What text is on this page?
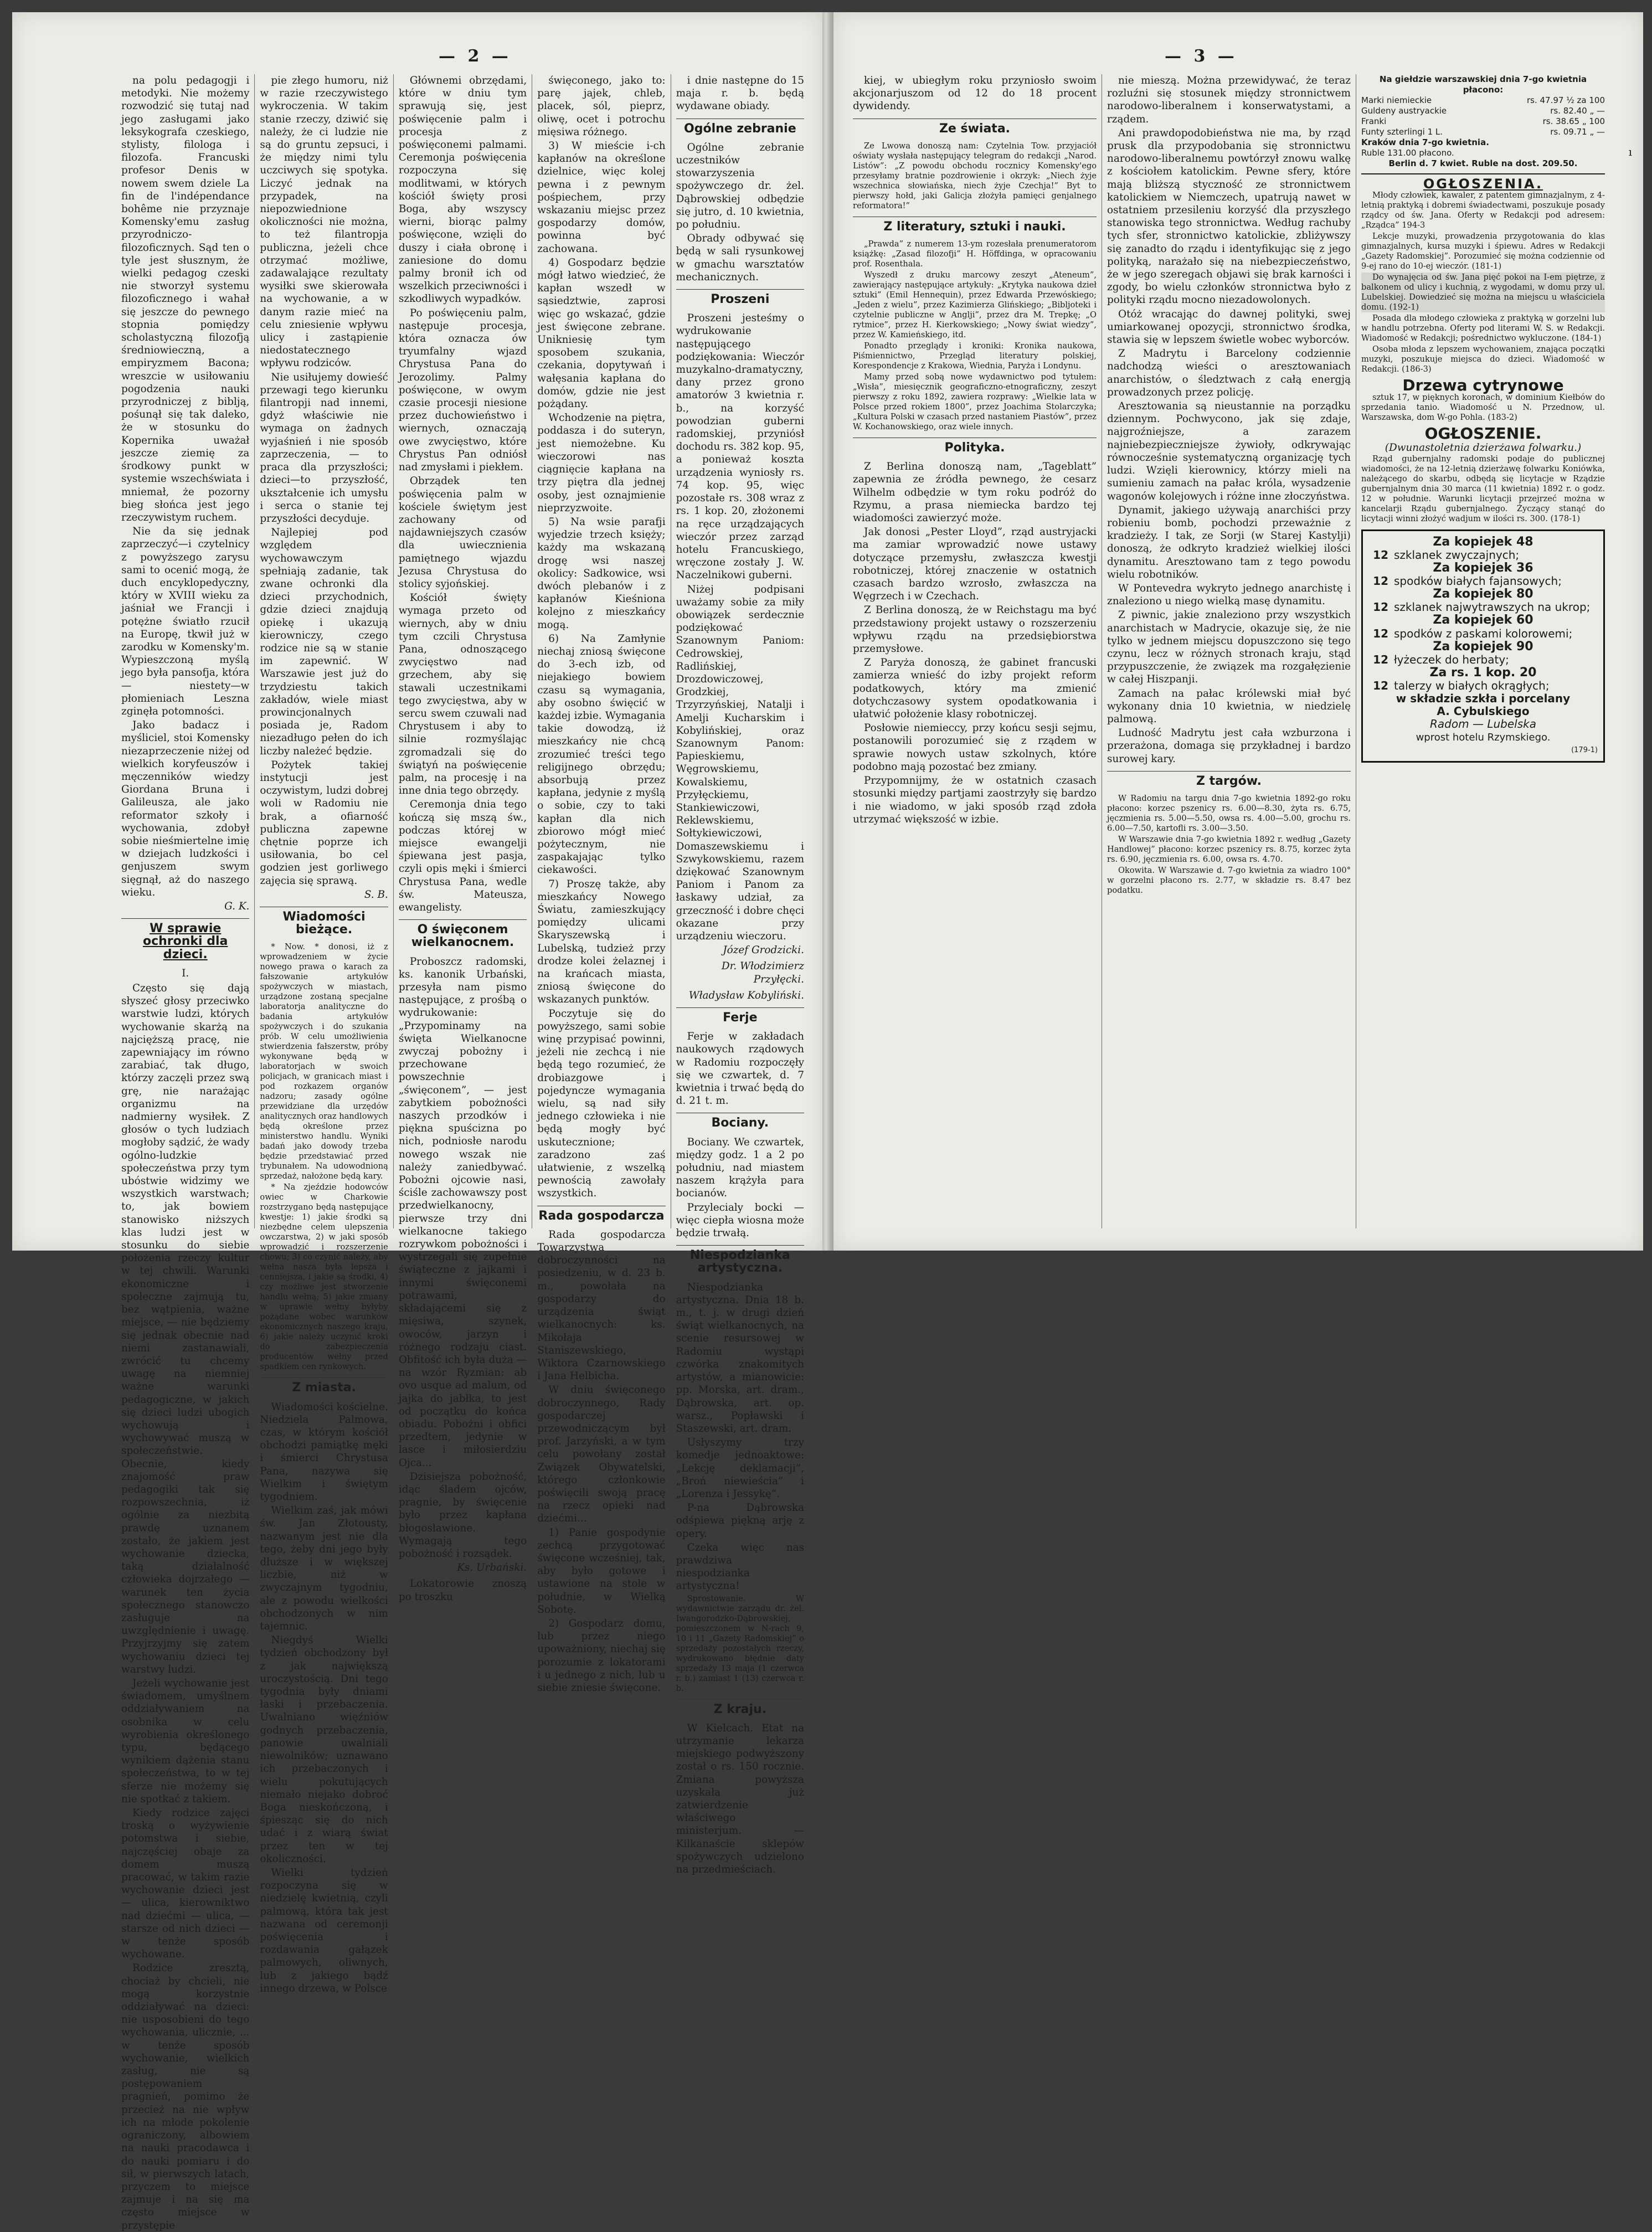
— 2 —

na polu pedagogji i metodyki. Nie możemy rozwodzić się tutaj nad jego zasługami jako leksykografa czeskiego, stylisty, filologa i filozofa. Francuski profesor Denis w nowem swem dziele La fin de l'indépendance bohême nie przyznaje Komensky'emu zasług przyrodniczo-filozoficznych. Sąd ten o tyle jest słusznym, że wielki pedagog czeski nie stworzył systemu filozoficznego i wahał się jeszcze do pewnego stopnia pomiędzy scholastyczną filozofją średniowieczną, a empiryzmem Bacona; wreszcie w usiłowaniu pogodzenia nauki przyrodniczej z biblją, pośunął się tak daleko, że w stosunku do Kopernika uważał jeszcze ziemię za środkowy punkt w systemie wszechświata i mniemał, że pozorny bieg słońca jest jego rzeczywistym ruchem.

Nie da się jednak zaprzeczyć—i czytelnicy z powyższego zarysu sami to ocenić mogą, że duch encyklopedyczny, który w XVIII wieku za jaśniał we Francji i potężne światło rzucił na Europę, tkwił już w zarodku w Komensky'm. Wypieszczoną myślą jego była pansofja, która — niestety—w płomieniach Leszna zginęła potomności.

Jako badacz i myśliciel, stoi Komensky niezaprzeczenie niżej od wielkich koryfeuszów i męczenników wiedzy Giordana Bruna i Galileusza, ale jako reformator szkoły i wychowania, zdobył sobie nieśmiertelne imię w dziejach ludzkości i genjuszem swym sięgnął, aż do naszego wieku.

G. K.
W sprawie ochronki dla dzieci.
I.

Często się dają słyszeć głosy przeciwko warstwie ludzi, których wychowanie skarżą na najcięższą pracę, nie zapewniający im równo zarabiać, tak długo, którzy zaczęli przez swą grę, nie narażając organizmu na nadmierny wysiłek. Z głosów o tych ludziach mogłoby sądzić, że wady ogólno-ludzkie społeczeństwa przy tym ubóstwie widzimy we wszystkich warstwach; to, jak bowiem stanowisko niższych klas ludzi jest w stosunku do siebie położenia rzeczy kultur w tej chwili. Warunki ekonomiczne i społeczne zajmują tu, bez wątpienia, ważne miejsce, — nie będziemy się jednak obecnie nad niemi zastanawiali, zwrócić tu chcemy uwagę na niemniej ważne warunki pedagogiczne, w jakich się dzieci ludzi ubogich wychowują i wychowywać muszą w społeczeństwie. Obecnie, kiedy znajomość praw pedagogiki tak się rozpowszechnia, iż ogólnie za niezbitą prawdę uznanem zostało, że jakiem jest wychowanie dziecka, taką działalność człowieka dojrzałego — warunek ten życia społecznego stanowczo zasługuje na uwzględnienie i uwagę. Przyjrzyjmy się zatem wychowaniu dzieci tej warstwy ludzi.

Jeżeli wychowanie jest świadomem, umyślnem oddziaływaniem na osobnika w celu wyrobienia określonego typu, będącego wynikiem dążenia stanu społeczeństwa, to w tej sferze nie możemy się nie spotkać z takiem.

Kiedy rodzice zajęci troską o wyżywienie potomstwa i siebie, najczęściej obaje za domem muszą pracować, w takim razie wychowanie dzieci jest — ulica, kierowniktwo nad dziećmi — ulica, — starsze od nich dzieci — w tenże sposób wychowane.

Rodzice zresztą, chociaż by chcieli, nie mogą korzystnie oddziaływać na dzieci: nie usposobieni do tego wychowania, ulicznie, ... w tenże sposób wychowanie, wielkich zasług, nie są postępowaniem pragnień, pomimo że przecież na nie wpływ ich na młode pokolenie ograniczony, albowiem na nauki pracodawca i do nauki pomiaru i do sił, w pierwszych latach, przyczem to miejsce zajmuje i na się ma często miejsce w przystępie

pie złego humoru, niż w razie rzeczywistego wykroczenia. W takim stanie rzeczy, dziwić się należy, że ci ludzie nie są do gruntu zepsuci, i że między nimi tylu uczciwych się spotyka. Liczyć jednak na przypadek, na niepozwiednione okoliczności nie można, to też filantropja publiczna, jeżeli chce otrzymać możliwe, zadawalające rezultaty wysiłki swe skierowała na wychowanie, a w danym razie mieć na celu zniesienie wpływu ulicy i zastąpienie niedostatecznego wpływu rodziców.

Nie usiłujemy dowieść przewagi tego kierunku filantropji nad innemi, gdyż właściwie nie wymaga on żadnych wyjaśnień i nie sposób zaprzeczenia, — to praca dla przyszłości; dzieci—to przyszłość, ukształcenie ich umysłu i serca o stanie tej przyszłości decyduje.

Najlepiej pod względem wychowawczym spełniają zadanie, tak zwane ochronki dla dzieci przychodnich, gdzie dzieci znajdują opiekę i ukazują kierowniczy, czego rodzice nie są w stanie im zapewnić. W Warszawie jest już do trzydziestu takich zakładów, wiele miast prowincjonalnych posiada je, Radom niezadługo pełen do ich liczby należeć będzie.

Pożytek takiej instytucji jest oczywistym, ludzi dobrej woli w Radomiu nie brak, a ofiarność publiczna zapewne chętnie poprze ich usiłowania, bo cel godzien jest gorliwego zajęcia się sprawą.

S. B.
Wiadomości bieżące.

* Now. * donosi, iż z wprowadzeniem w życie nowego prawa o karach za fałszowanie artykułów spożywczych w miastach, urządzone zostaną specjalne laboratorja analityczne do badania artykułów spożywczych i do szukania prób. W celu umożliwienia stwierdzenia fałszerstw, próby wykonywane będą w laboratorjach w swoich policjach, w granicach miast i pod rozkazem organów nadzoru; zasady ogólne przewidziane dla urzędów analitycznych oraz handlowych będą określone przez ministerstwo handlu. Wyniki badań jako dowody trzeba będzie przedstawiać przed trybunałem. Na udowodnioną sprzedaż, nałożone będą kary.

* Na zjeździe hodowców owiec w Charkowie rozstrzygano będą następujące kwestje: 1) jakie środki są niezbędne celem ulepszenia owczarstwa, 2) w jaki sposób wprowadzić i rozszerzenie chowu; 3) co czynić należy, aby wełna nasza była lepsza i cenniejsza, i jakie są środki, 4) czy możliwe jest stworzenie handlu wełną; 5) jakie zmiany w uprawie wełny byłyby pożądane wobec warunków ekonomicznych naszego kraju, 6) jakie należy uczynić kroki do zabezpieczenia producentów wełny przed spadkiem cen rynkowych.

Z miasta.

Wiadomości kościelne. Niedziela Palmowa, czas, w którym kościół obchodzi pamiątkę męki i śmierci Chrystusa Pana, nazywa się Wielkim i świętym tygodniem.

Wielkim zaś, jak mówi św. Jan Złotousty, nazwanym jest nie dla tego, żeby dni jego były dłuższe i w większej liczbie, niż w zwyczajnym tygodniu, ale z powodu wielkości obchodzonych w nim tajemnic.

Niegdyś Wielki tydzień obchodzony był z jak największą uroczystością. Dni tego tygodnia były dniami łaski i przebaczenia. Uwalniano więźniów godnych przebaczenia, panowie uwalniali niewolników; uznawano ich przebaczonych i wielu pokutujących niemało niejako dobroć Boga nieskończoną, i śpiesząc się do nich udać i z wiarą świat przez ten w tej okoliczności.

Wielki tydzień rozpoczyna się w niedzielę kwietnią, czyli palmową, która tak jest nazwana od ceremonji poświęcenia i rozdawania gałązek palmowych, oliwnych, lub z jakiego bądź innego drzewa, w Polsce

Głównemi obrzędami, które w dniu tym sprawują się, jest poświęcenie palm i procesja z poświęconemi palmami. Ceremonja poświęcenia rozpoczyna się modlitwami, w których kościół święty prosi Boga, aby wszyscy wierni, biorąc palmy poświęcone, wzięli do duszy i ciała obronę i zaniesione do domu palmy bronił ich od wszelkich przeciwności i szkodliwych wypadków.

Po poświęceniu palm, następuje procesja, która oznacza ów tryumfalny wjazd Chrystusa Pana do Jerozolimy. Palmy poświęcone, w owym czasie procesji niesione przez duchowieństwo i wiernych, oznaczają owe zwycięstwo, które Chrystus Pan odniósł nad zmysłami i piekłem.

Obrządek ten poświęcenia palm w kościele świętym jest zachowany od najdawniejszych czasów dla uwiecznienia pamiętnego wjazdu Jezusa Chrystusa do stolicy syjońskiej.

Kościół święty wymaga przeto od wiernych, aby w dniu tym czcili Chrystusa Pana, odnoszącego zwycięstwo nad grzechem, aby się stawali uczestnikami tego zwycięstwa, aby w sercu swem czuwali nad Chrystusem i aby to silnie rozmyślając zgromadzali się do świątyń na poświęcenie palm, na procesję i na inne dnia tego obrzędy.

Ceremonja dnia tego kończą się mszą św., podczas której w miejsce ewangelji śpiewana jest pasja, czyli opis męki i śmierci Chrystusa Pana, wedle św. Mateusza, ewangelisty.

O święconem wielkanocnem.

Proboszcz radomski, ks. kanonik Urbański, przesyła nam pismo następujące, z prośbą o wydrukowanie: „Przypominamy na święta Wielkanocne zwyczaj pobożny i przechowane powszechnie „święconem”, — jest zabytkiem pobożności naszych przodków i piękna spuścizna po nich, podniosłe narodu nowego wszak nie należy zaniedbywać. Pobożni ojcowie nasi, ściśle zachowawszy post przedwielkanocny, pierwsze trzy dni wielkanocne takiego rozrywkom pobożności i wystrzegali się zupełnie świąteczne z jajkami i innymi święconemi potrawami, składającemi się z mięsiwa, szynek, owoców, jarzyn i różnego rodzaju ciast. Obfitość ich była duża — na wzór Ryzmian: ab ovo usque ad malum, od jajka do jabłka, to jest od początku do końca obiadu. Pobożni i obfici przedtem, jedynie w lasce i miłosierdziu Ojca...

Dzisiejsza pobożność, idąc śladem ojców, pragnie, by święcenie było przez kapłana błogosławione. Wymagają tego pobożność i rozsądek.

Ks. Urbański.

Lokatorowie znoszą po troszku

święconego, jako to: parę jajek, chleb, placek, sól, pieprz, oliwę, ocet i potrochu mięsiwa różnego.

3) W mieście i-ch kapłanów na określone dzielnice, więc kolej pewna i z pewnym pośpiechem, przy wskazaniu miejsc przez gospodarzy domów, powinna być zachowana.

4) Gospodarz będzie mógł łatwo wiedzieć, że kapłan wszedł w sąsiedztwie, zaprosi więc go wskazać, gdzie jest święcone zebrane. Unikniesię tym sposobem szukania, czekania, dopytywań i wałęsania kapłana do domów, gdzie nie jest pożądany.

Wchodzenie na piętra, poddasza i do suteryn, jest niemożebne. Ku wieczorowi nas ciągnięcie kapłana na trzy piętra dla jednej osoby, jest oznajmienie nieprzyzwoite.

5) Na wsie parafji wyjedzie trzech księży; każdy ma wskazaną drogę wsi naszej okolicy: Sadkowice, wsi dwóch plebanów i z kapłanów Kieśniona kolejno z mieszkańcy mogą.

6) Na Zamłynie niechaj zniosą święcone do 3-ech izb, od niejakiego bowiem czasu są wymagania, aby osobno święcić w każdej izbie. Wymagania takie dowodzą, iż mieszkańcy nie chcą zrozumieć treści tego religijnego obrzędu; absorbują przez kapłana, jedynie z myślą o sobie, czy to taki kapłan dla nich zbiorowo mógł mieć pożytecznym, nie zaspakajając tylko ciekawości.

7) Proszę także, aby mieszkańcy Nowego Światu, zamieszkujący pomiędzy ulicami Skaryszewską i Lubelską, tudzież przy drodze kolei żelaznej i na krańcach miasta, zniosą święcone do wskazanych punktów.

Poczytuje się do powyższego, sami sobie winę przypisać powinni, jeżeli nie zechcą i nie będą tego rozumieć, że drobiazgowe i pojedyncze wymagania wielu, są nad siły jednego człowieka i nie będą mogły być uskutecznione; zaradzono zaś ułatwienie, z wszelką pewnością zawołały wszystkich.

Rada gospodarcza

Rada gospodarcza Towarzystwa dobroczynności na posiedzeniu, w d. 23 b. m., powołała na gospodarzy do urządzenia świąt wielkanocnych: ks. Mikołaja Staniszewskiego, Wiktora Czarnowskiego i Jana Helbicha.

W dniu święconego dobroczynnego, Rady gospodarczej przewodniczącym był prof. Jarzyński, a w tym celu powołany został Związek Obywatelski, którego członkowie poświęcili swoją pracę na rzecz opieki nad dziećmi...

1) Panie gospodynie zechcą przygotować święcone wcześniej, tak, aby było gotowe i ustawione na stole w południe, w Wielką Sobotę.

2) Gospodarz domu, lub przez niego upoważniony, niechaj się porozumie z lokatorami i u jednego z nich, lub u siebie zniesie święcone.

i dnie następne do 15 maja r. b. będą wydawane obiady.

Ogólne zebranie

Ogólne zebranie uczestników stowarzyszenia spożywczego dr. żel. Dąbrowskiej odbędzie się jutro, d. 10 kwietnia, po południu.

Obrady odbywać się będą w sali rysunkowej w gmachu warsztatów mechanicznych.

Proszeni

Proszeni jesteśmy o wydrukowanie następującego podziękowania: Wieczór muzykalno-dramatyczny, dany przez grono amatorów 3 kwietnia r. b., na korzyść powodzian guberni radomskiej, przyniósł dochodu rs. 382 kop. 95, a ponieważ koszta urządzenia wyniosły rs. 74 kop. 95, więc pozostałe rs. 308 wraz z rs. 1 kop. 20, złożonemi na ręce urządzających wieczór przez zarząd hotelu Francuskiego, wręczone zostały J. W. Naczelnikowi guberni.

Niżej podpisani uważamy sobie za miły obowiązek serdecznie podziękować Szanownym Paniom: Cedrowskiej, Radlińskiej, Drozdowiczowej, Grodzkiej, Trzyrzyńskiej, Natalji i Amelji Kucharskim i Kobylińskiej, oraz Szanownym Panom: Papieskiemu, Węgrowskiemu, Kowalskiemu, Przyłęckiemu, Stankiewiczowi, Reklewskiemu, Sołtykiewiczowi, Domaszewskiemu i Szwykowskiemu, razem dziękować Szanownym Paniom i Panom za łaskawy udział, za grzeczność i dobre chęci okazane przy urządzeniu wieczoru.

Józef Grodzicki.
Dr. Włodzimierz Przyłęcki.
Władysław Kobyliński.
Ferje

Ferje w zakładach naukowych rządowych w Radomiu rozpoczęły się we czwartek, d. 7 kwietnia i trwać będą do d. 21 t. m.

Bociany.

Bociany. We czwartek, między godz. 1 a 2 po południu, nad miastem naszem krążyła para bocianów.

Przylecialy bocki — więc ciepła wiosna może będzie trwałą.

Niespodzianka artystyczna.

Niespodzianka artystyczna. Dnia 18 b. m., t. j. w drugi dzień świąt wielkanocnych, na scenie resursowej w Radomiu wystąpi czwórka znakomitych artystów, a mianowicie: pp. Morska, art. dram., Dąbrowska, art. op. warsz., Popławski i Staszewski, art. dram.

Usłyszymy trzy komedje jednoaktowe: „Lekcję deklamacji”, „Broń niewieścia” i „Lorenza i Jessykę”.

P-na Dąbrowska odśpiewa piękną arję z opery.

Czeka więc nas prawdziwa niespodzianka artystyczna!

Sprostowanie. W wydawnictwie zarządu dr. żel. Iwangorodzko-Dąbrowskiej, pomieszczonem w N-rach 9, 10 i 11 „Gazety Radomskiej” o sprzedaży pozostałych rzeczy, wydrukowano błędnie daty sprzedaży 13 maja (1 czerwca r. b.) zamiast 1 (13) czerwca r. b.

Z kraju.

W Kielcach. Etat na utrzymanie lekarza miejskiego podwyższony został o rs. 150 rocznie. Zmiana powyższa uzyskała już zatwierdzenie właściwego ministerjum. — Kilkanaście sklepów spożywczych udzielono na przedmieściach.

— 3 —
ı

kiej, w ubiegłym roku przyniosło swoim akcjonarjuszom od 12 do 18 procent dywidendy.

Ze świata.

Ze Lwowa donoszą nam: Czytelnia Tow. przyjaciół oświaty wysłała następujący telegram do redakcji „Narod. Listów”: „Z powodu obchodu rocznicy Komensky'ego przesyłamy bratnie pozdrowienie i okrzyk: „Niech żyje wszechnica słowiańska, niech żyje Czechja!” Byt to pierwszy hołd, jaki Galicja złożyła pamięci genjalnego reformatora!”

Z literatury, sztuki i nauki.

„Prawda” z numerem 13-ym rozesłała prenumeratorom książkę: „Zasad filozofji” H. Höffdinga, w opracowaniu prof. Rosenthala.

Wyszedł z druku marcowy zeszyt „Ateneum”, zawierający następujące artykuły: „Krytyka naukowa dzieł sztuki” (Emil Hennequin), przez Edwarda Przewóskiego; „Jeden z wielu”, przez Kazimierza Glińskiego; „Bibljoteki i czytelnie publiczne w Anglji”, przez dra M. Trepkę; „O rytmice”, przez H. Kierkowskiego; „Nowy świat wiedzy”, przez W. Kamieńskiego, itd.

Ponadto przeglądy i kroniki: Kronika naukowa, Piśmiennictwo, Przegląd literatury polskiej, Korespondencje z Krakowa, Wiednia, Paryża i Londynu.

Mamy przed sobą nowe wydawnictwo pod tytułem: „Wisła”, miesięcznik geograficzno-etnograficzny, zeszyt pierwszy z roku 1892, zawiera rozprawy: „Wielkie lata w Polsce przed rokiem 1800”, przez Joachima Stolarczyka; „Kultura Polski w czasach przed nastaniem Piastów”, przez W. Kochanowskiego, oraz wiele innych.

Polityka.

Z Berlina donoszą nam, „Tageblatt” zapewnia ze źródła pewnego, że cesarz Wilhelm odbędzie w tym roku podróż do Rzymu, a prasa niemiecka bardzo tej wiadomości zawierzyć może.

Jak donosi „Pester Lloyd”, rząd austryjacki ma zamiar wprowadzić nowe ustawy dotyczące przemysłu, zwłaszcza kwestji robotniczej, której znaczenie w ostatnich czasach bardzo wzrosło, zwłaszcza na Węgrzech i w Czechach.

Z Berlina donoszą, że w Reichstagu ma być przedstawiony projekt ustawy o rozszerzeniu wpływu rządu na przedsiębiorstwa przemysłowe.

Z Paryża donoszą, że gabinet francuski zamierza wnieść do izby projekt reform podatkowych, który ma zmienić dotychczasowy system opodatkowania i ułatwić położenie klasy robotniczej.

Posłowie niemieccy, przy końcu sesji sejmu, postanowili porozumieć się z rządem w sprawie nowych ustaw szkolnych, które podobno mają pozostać bez zmiany.

Przypomnijmy, że w ostatnich czasach stosunki między partjami zaostrzyły się bardzo i nie wiadomo, w jaki sposób rząd zdoła utrzymać większość w izbie.

nie mieszą. Można przewidywać, że teraz rozluźni się stosunek między stronnictwem narodowo-liberalnem i konserwatystami, a rządem.

Ani prawdopodobieństwa nie ma, by rząd prusk dla przypodobania się stronnictwu narodowo-liberalnemu powtórzył znowu walkę z kościołem katolickim. Pewne sfery, które mają bliższą styczność ze stronnictwem katolickiem w Niemczech, upatrują nawet w ostatniem przesileniu korzyść dla przyszłego stanowiska tego stronnictwa. Według rachuby tych sfer, stronnictwo katolickie, zbliżywszy się zanadto do rządu i identyfikując się z jego polityką, narażało się na niebezpieczeństwo, że w jego szeregach objawi się brak karności i zgody, bo wielu członków stronnictwa było z polityki rządu mocno niezadowolonych.

Otóż wracając do dawnej polityki, swej umiarkowanej opozycji, stronnictwo środka, stawia się w lepszem świetle wobec wyborców.

Z Madrytu i Barcelony codziennie nadchodzą wieści o aresztowaniach anarchistów, o śledztwach z całą energją prowadzonych przez policję.

Aresztowania są nieustannie na porządku dziennym. Pochwycono, jak się zdaje, najgroźniejsze, a zarazem najniebezpieczniejsze żywioły, odkrywając równocześnie systematyczną organizację tych ludzi. Wzięli kierownicy, którzy mieli na sumieniu zamach na pałac króla, wysadzenie wagonów kolejowych i różne inne złoczyństwa.

Dynamit, jakiego używają anarchiści przy robieniu bomb, pochodzi przeważnie z kradzieży. I tak, ze Sorji (w Starej Kastylji) donoszą, że odkryto kradzież wielkiej ilości dynamitu. Aresztowano tam z tego powodu wielu robotników.

W Pontevedra wykryto jednego anarchistę i znaleziono u niego wielką masę dynamitu.

Z piwnic, jakie znaleziono przy wszystkich anarchistach w Madrycie, okazuje się, że nie tylko w jednem miejscu dopuszczono się tego czynu, lecz w różnych stronach kraju, stąd przypuszczenie, że związek ma rozgałęzienie w całej Hiszpanji.

Zamach na pałac królewski miał być wykonany dnia 10 kwietnia, w niedzielę palmową.

Ludność Madrytu jest cała wzburzona i przerażona, domaga się przykładnej i bardzo surowej kary.

Z targów.

W Radomiu na targu dnia 7-go kwietnia 1892-go roku płacono: korzec pszenicy rs. 6.00—8.30, żyta rs. 6.75, jęczmienia rs. 5.00—5.50, owsa rs. 4.00—5.00, grochu rs. 6.00—7.50, kartofli rs. 3.00—3.50.

W Warszawie dnia 7-go kwietnia 1892 r. według „Gazety Handlowej” płacono: korzec pszenicy rs. 8.75, korzec żyta rs. 6.90, jęczmienia rs. 6.00, owsa rs. 4.70.

Okowita. W Warszawie d. 7-go kwietnia za wiadro 100° w gorzelni płacono rs. 2.77, w składzie rs. 8.47 bez podatku.

Na giełdzie warszawskiej dnia 7-go kwietnia płacono:
Marki niemieckie	rs. 47.97 ½ za 100
Guldeny austryackie	rs. 82.40 „ —
Franki	rs. 38.65 „ 100
Funty szterlingi 1 L.	rs. 09.71 „ —
Kraków dnia 7-go kwietnia.
Ruble 131.00 płacono.
Berlin d. 7 kwiet. Ruble na dost. 209.50.
OGŁOSZENIA.

Młody człowiek, kawaler, z patentem gimnazjalnym, z 4-letnią praktyką i dobremi świadectwami, poszukuje posady rządcy od św. Jana. Oferty w Redakcji pod adresem: „Rządca” 194-3

Lekcje muzyki, prowadzenia przygotowania do klas gimnazjalnych, kursa muzyki i śpiewu. Adres w Redakcji „Gazety Radomskiej”. Porozumieć się można codziennie od 9-ej rano do 10-ej wieczór. (181-1)

Do wynajęcia od św. Jana pięć pokoi na I-em piętrze, z balkonem od ulicy i kuchnią, z wygodami, w domu przy ul. Lubelskiej. Dowiedzieć się można na miejscu u właściciela domu. (192-1)

Posada dla młodego człowieka z praktyką w gorzelni lub w handlu potrzebna. Oferty pod literami W. S. w Redakcji. Wiadomość w Redakcji; pośrednictwo wykluczone. (184-1)

Osoba młoda z lepszem wychowaniem, znająca początki muzyki, poszukuje miejsca do dzieci. Wiadomość w Redakcji. (186-3)

Drzewa cytrynowe

sztuk 17, w pięknych koronach, w dominium Kiełbów do sprzedania tanio. Wiadomość u N. Przednow, ul. Warszawska, dom W-go Pohla. (183-2)

OGŁOSZENIE.
(Dwunastoletnia dzierżawa folwarku.)

Rząd gubernjalny radomski podaje do publicznej wiadomości, że na 12-letnią dzierżawę folwarku Koniówka, należącego do skarbu, odbędą się licytacje w Rządzie gubernjalnym dnia 30 marca (11 kwietnia) 1892 r. o godz. 12 w południe. Warunki licytacji przejrzeć można w kancelarji Rządu gubernjalnego. Życzący stanąć do licytacji winni złożyć wadjum w ilości rs. 300. (178-1)

Za kopiejek 48
12 szklanek zwyczajnych;
Za kopiejek 36
12 spodków białych fajansowych;
Za kopiejek 80
12 szklanek najwytrawszych na ukrop;
Za kopiejek 60
12 spodków z paskami kolorowemi;
Za kopiejek 90
12 łyżeczek do herbaty;
Za rs. 1 kop. 20
12 talerzy w białych okrągłych;
w składzie szkła i porcelany
A. Cybulskiego
Radom — Lubelska
wprost hotelu Rzymskiego.
(179-1)
